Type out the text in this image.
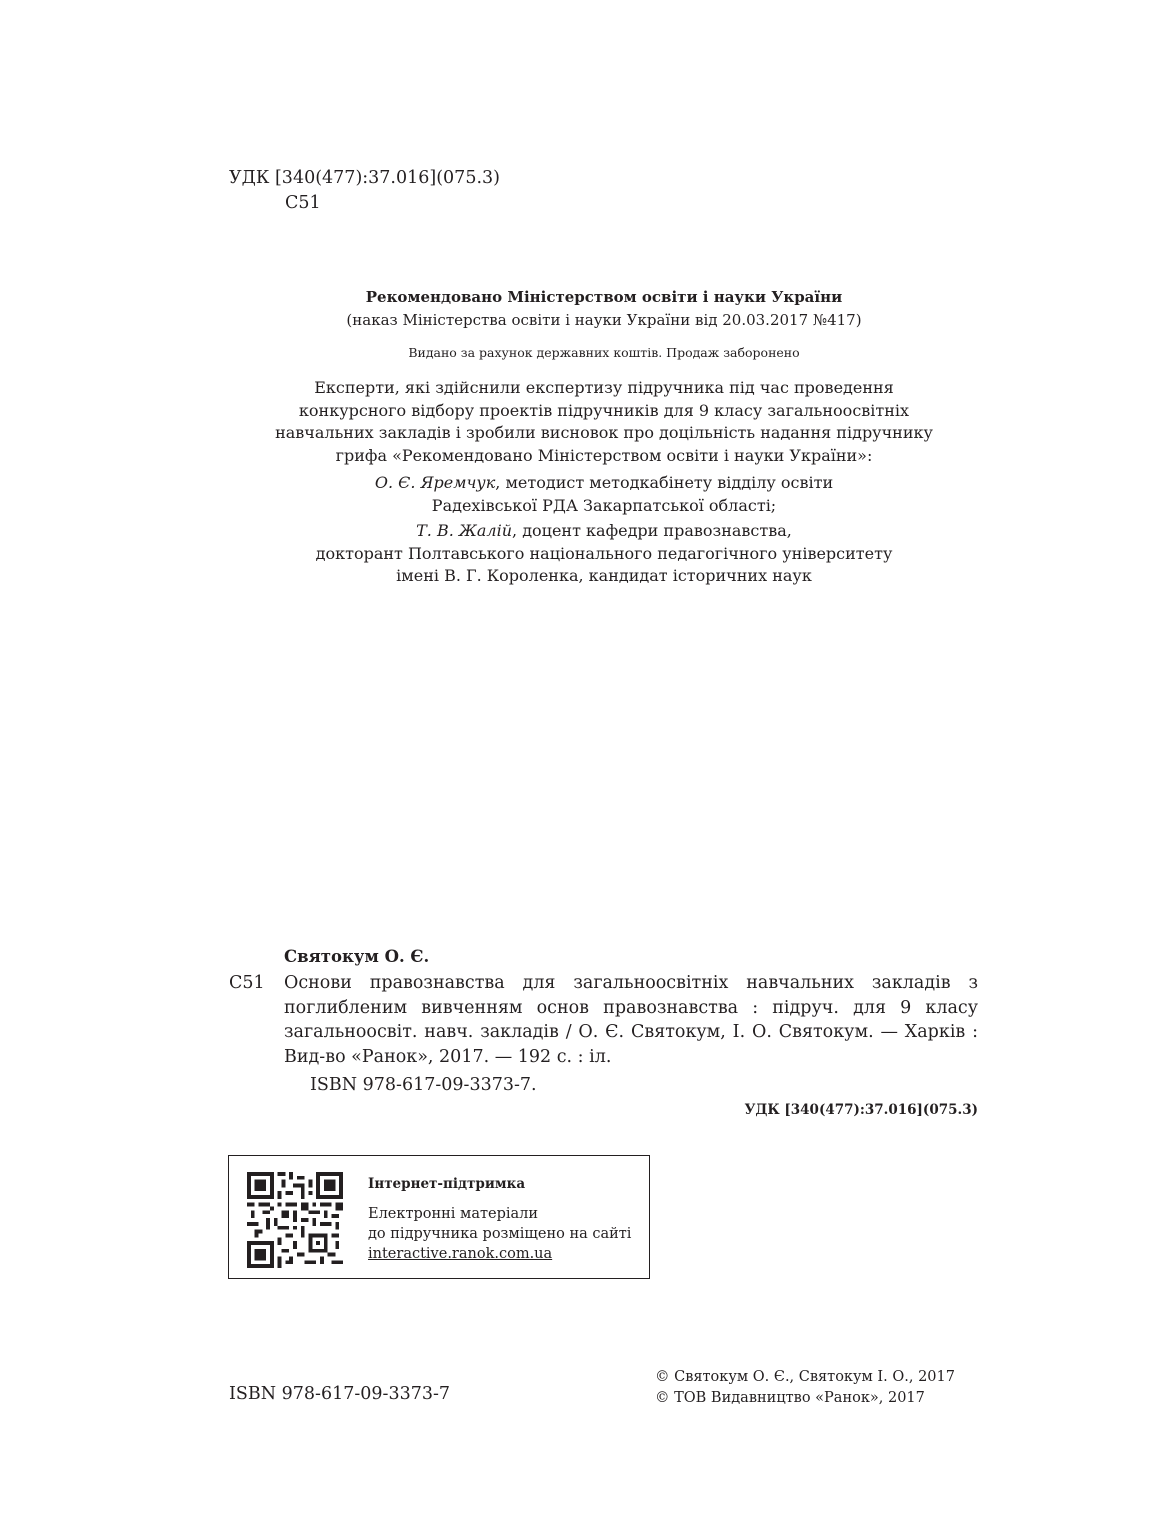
УДК [340(477):37.016](075.3)
С51
Рекомендовано Міністерством освіти і науки України
(наказ Міністерства освіти і науки України від 20.03.2017 №417)
Видано за рахунок державних коштів. Продаж заборонено
Експерти, які здійснили експертизу підручника під час проведення
конкурсного відбору проектів підручників для 9 класу загальноосвітніх
навчальних закладів і зробили висновок про доцільність надання підручнику
грифа «Рекомендовано Міністерством освіти і науки України»:
О. Є. Яремчук, методист методкабінету відділу освіти
Радехівської РДА Закарпатської області;
Т. В. Жалій, доцент кафедри правознавства,
докторант Полтавського національного педагогічного університету
імені В. Г. Короленка, кандидат історичних наук
Святокум О. Є.
С51 Основи правознавства для загальноосвітніх навчальних закладів з поглибленим вивченням основ правознавства : підруч. для 9 класу загальноосвіт. навч. закладів / О. Є. Святокум, І. О. Святокум. — Харків : Вид-во «Ранок», 2017. — 192 с. : іл.
ISBN 978-617-09-3373-7.
УДК [340(477):37.016](075.3)
Інтернет-підтримка
Електронні матеріали
до підручника розміщено на сайті
interactive.ranok.com.ua
ISBN 978-617-09-3373-7
© Святокум О. Є., Святокум І. О., 2017
© ТОВ Видавництво «Ранок», 2017
